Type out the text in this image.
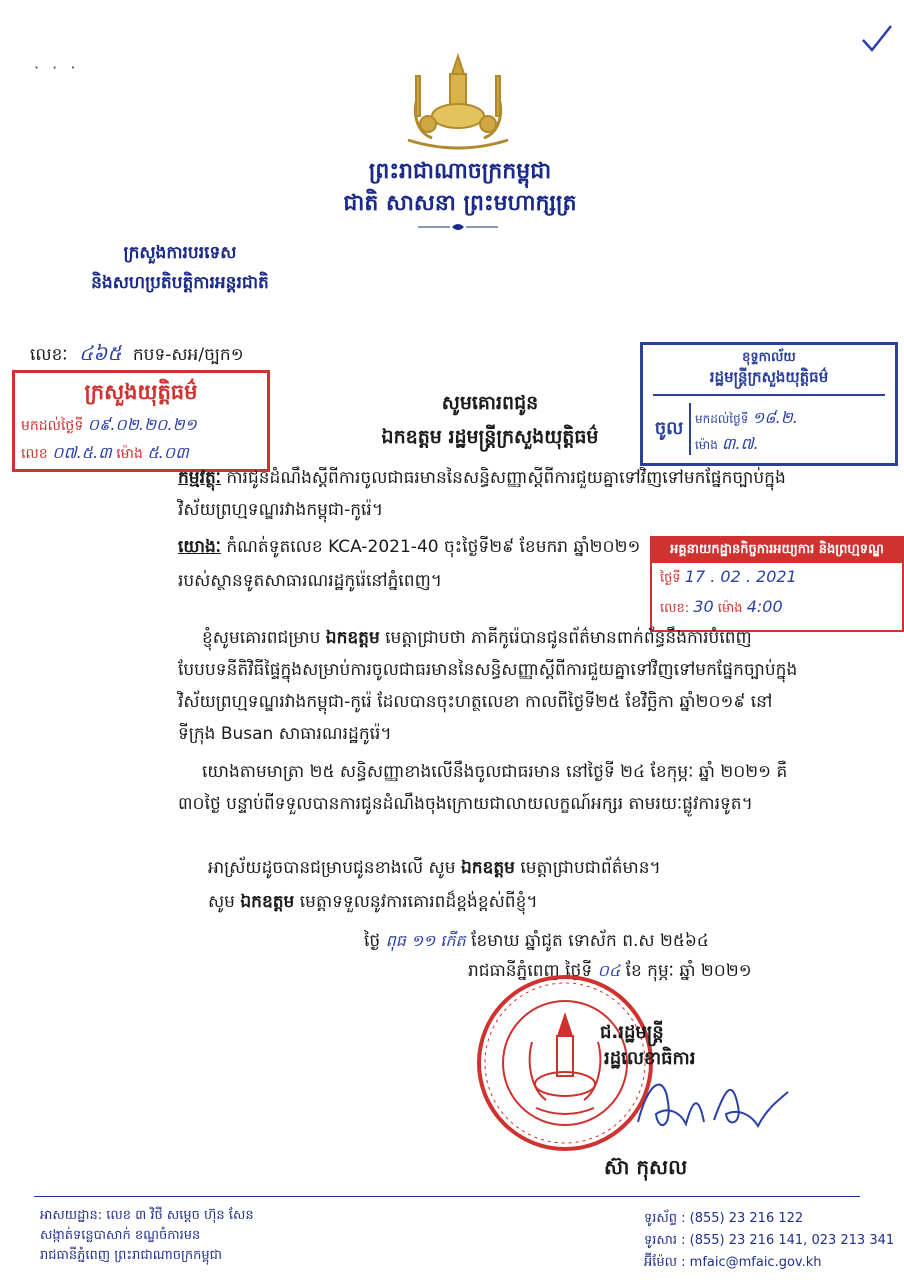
· · ·
ព្រះរាជាណាចក្រកម្ពុជា
ជាតិ សាសនា ព្រះមហាក្សត្រ
ក្រសួងការបរទេស
និងសហប្រតិបត្តិការអន្តរជាតិ
លេខៈ ៤៦៥ កបទ-សអ/ច្បក១
ក្រសួងយុត្តិធម៌
មកដល់ថ្ងៃទី ០៩.០២.២០.២១
លេខ ០៧.៥.៣ ម៉ោង ៥.០៣
ខុទ្ទកាល័យ
រដ្ឋមន្ត្រីក្រសួងយុត្តិធម៌
ចូល មកដល់ថ្ងៃទី ១៨.២.
ម៉ោង ៣.៧.
សូមគោរពជូន
ឯកឧត្តម រដ្ឋមន្ត្រីក្រសួងយុត្តិធម៌
អគ្គនាយកដ្ឋានកិច្ចការអយ្យការ និងព្រហ្មទណ្ឌ
ថ្ងៃទី 17 . 02 . 2021
លេខ: 30 ម៉ោង 4:00
កម្មវត្ថុៈ ការជូនដំណឹងស្ដីពីការចូលជាធរមាននៃសន្ធិសញ្ញាស្ដីពីការជួយគ្នាទៅវិញទៅមកផ្នែកច្បាប់ក្នុងវិស័យព្រហ្មទណ្ឌរវាងកម្ពុជា-កូរ៉េ។
យោងៈ កំណត់ទូតលេខ KCA-2021-40 ចុះថ្ងៃទី២៩ ខែមករា ឆ្នាំ២០២១ របស់ស្ថានទូតសាធារណរដ្ឋកូរ៉េនៅភ្នំពេញ។
ខ្ញុំសូមគោរពជម្រាប ឯកឧត្តម មេត្តាជ្រាបថា ភាគីកូរ៉េបានជូនព័ត៌មានពាក់ព័ន្ធនឹងការបំពេញបែបបទនីតិវិធីផ្ទៃក្នុងសម្រាប់ការចូលជាធរមាននៃសន្ធិសញ្ញាស្ដីពីការជួយគ្នាទៅវិញទៅមកផ្នែកច្បាប់ក្នុងវិស័យព្រហ្មទណ្ឌរវាងកម្ពុជា-កូរ៉េ ដែលបានចុះហត្ថលេខា កាលពីថ្ងៃទី២៥ ខែវិច្ឆិកា ឆ្នាំ២០១៩ នៅទីក្រុង Busan សាធារណរដ្ឋកូរ៉េ។
យោងតាមមាត្រា ២៥ សន្ធិសញ្ញាខាងលើនឹងចូលជាធរមាន នៅថ្ងៃទី ២៤ ខែកុម្ភៈ ឆ្នាំ ២០២១ គឺ ៣០ថ្ងៃ បន្ទាប់ពីទទួលបានការជូនដំណឹងចុងក្រោយជាលាយលក្ខណ៍អក្សរ តាមរយៈផ្លូវការទូត។
អាស្រ័យដូចបានជម្រាបជូនខាងលើ សូម ឯកឧត្តម មេត្តាជ្រាបជាព័ត៌មាន។
សូម ឯកឧត្តម មេត្តាទទួលនូវការគោរពដ៏ខ្ពង់ខ្ពស់ពីខ្ញុំ។
ថ្ងៃ ពុធ ១១ កើត ខែមាឃ ឆ្នាំជូត ទោស័ក ព.ស ២៥៦៤
រាជធានីភ្នំពេញ ថ្ងៃទី ០៤ ខែ កុម្ភៈ ឆ្នាំ ២០២១
ជ.រដ្ឋមន្ត្រី
រដ្ឋលេខាធិការ
ស៊ា កុសល
អាសយដ្ឋាន: លេខ ៣ វិថី សម្ដេច ហ៊ុន សែន
សង្កាត់ទន្លេបាសាក់ ខណ្ឌចំការមន
រាជធានីភ្នំពេញ ព្រះរាជាណាចក្រកម្ពុជា
ទូរស័ព្ទ : (855) 23 216 122
ទូរសារ : (855) 23 216 141, 023 213 341
អ៊ីម៉ែល : mfaic@mfaic.gov.kh
